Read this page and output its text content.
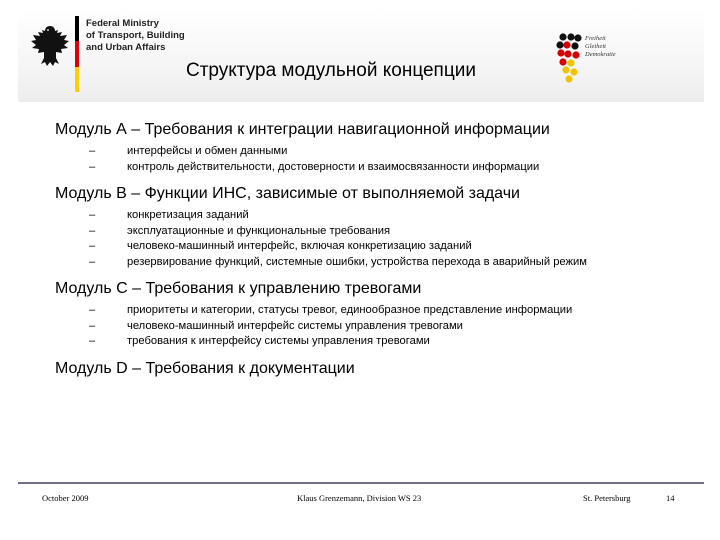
Federal Ministry
of Transport, Building
and Urban Affairs
Структура модульной концепции
Freiheit
Gleiheit
Demokratie
Модуль А – Требования к интеграции навигационной информации
–	интерфейсы и обмен данными
–	контроль действительности, достоверности и взаимосвязанности информации
Модуль В – Функции ИНС, зависимые от выполняемой задачи
–	конкретизация заданий
–	эксплуатационные и функциональные требования
–	человеко-машинный интерфейс, включая конкретизацию заданий
–	резервирование функций, системные ошибки, устройства перехода в аварийный режим
Модуль С – Требования к управлению тревогами
–	приоритеты и категории, статусы тревог, единообразное представление информации
–	человеко-машинный интерфейс системы управления тревогами
–	требования к интерфейсу системы управления тревогами
Модуль D – Требования к документации
October 2009	Klaus Grenzemann, Division WS 23	St. Petersburg	14
